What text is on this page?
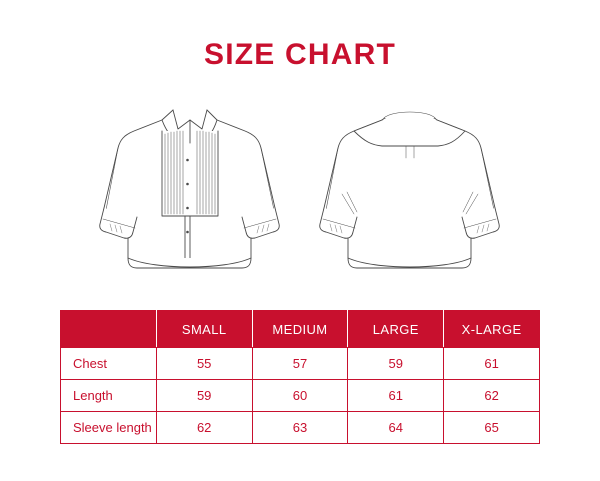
SIZE CHART
	SMALL	MEDIUM	LARGE	X-LARGE
Chest	55	57	59	61
Length	59	60	61	62
Sleeve length	62	63	64	65
